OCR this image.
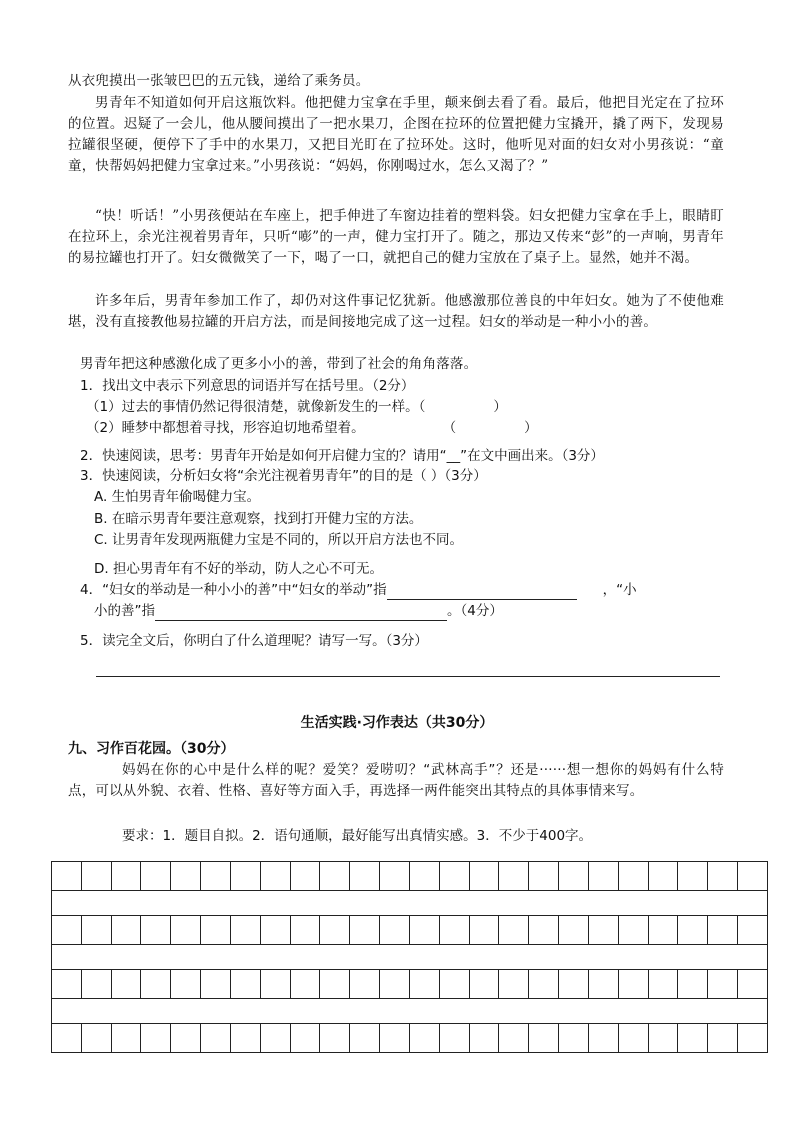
从衣兜摸出一张皱巴巴的五元钱，递给了乘务员。

男青年不知道如何开启这瓶饮料。他把健力宝拿在手里，颠来倒去看了看。最后，他把目光定在了拉环的位置。迟疑了一会儿，他从腰间摸出了一把水果刀，企图在拉环的位置把健力宝撬开，撬了两下，发现易拉罐很坚硬，便停下了手中的水果刀，又把目光盯在了拉环处。这时，他听见对面的妇女对小男孩说：“童童，快帮妈妈把健力宝拿过来。”小男孩说：“妈妈，你刚喝过水，怎么又渴了？”

“快！听话！”小男孩便站在车座上，把手伸进了车窗边挂着的塑料袋。妇女把健力宝拿在手上，眼睛盯在拉环上，余光注视着男青年，只听“嘭”的一声，健力宝打开了。随之，那边又传来“彭”的一声响，男青年的易拉罐也打开了。妇女微微笑了一下，喝了一口，就把自己的健力宝放在了桌子上。显然，她并不渴。

许多年后，男青年参加工作了，却仍对这件事记忆犹新。他感激那位善良的中年妇女。她为了不使他难堪，没有直接教他易拉罐的开启方法，而是间接地完成了这一过程。妇女的举动是一种小小的善。

男青年把这种感激化成了更多小小的善，带到了社会的角角落落。

1．找出文中表示下列意思的词语并写在括号里。（2分）
（1）过去的事情仍然记得很清楚，就像新发生的一样。（	）
（2）睡梦中都想着寻找，形容迫切地希望着。	（	）
2．快速阅读，思考：男青年开始是如何开启健力宝的？请用“__”在文中画出来。（3分）
3．快速阅读，分析妇女将“余光注视着男青年”的目的是（ ）（3分）
A. 生怕男青年偷喝健力宝。
B. 在暗示男青年要注意观察，找到打开健力宝的方法。
C. 让男青年发现两瓶健力宝是不同的，所以开启方法也不同。
D. 担心男青年有不好的举动，防人之心不可无。
4．“妇女的举动是一种小小的善”中“妇女的举动”指	，“小
小的善”指	。（4分）
5．读完全文后，你明白了什么道理呢？请写一写。（3分）
生活实践·习作表达（共30分）
九、习作百花园。（30分）

妈妈在你的心中是什么样的呢？爱笑？爱唠叨？“武林高手”？还是······想一想你的妈妈有什么特点，可以从外貌、衣着、性格、喜好等方面入手，再选择一两件能突出其特点的具体事情来写。

要求：1．题目自拟。2．语句通顺，最好能写出真情实感。3．不少于400字。
